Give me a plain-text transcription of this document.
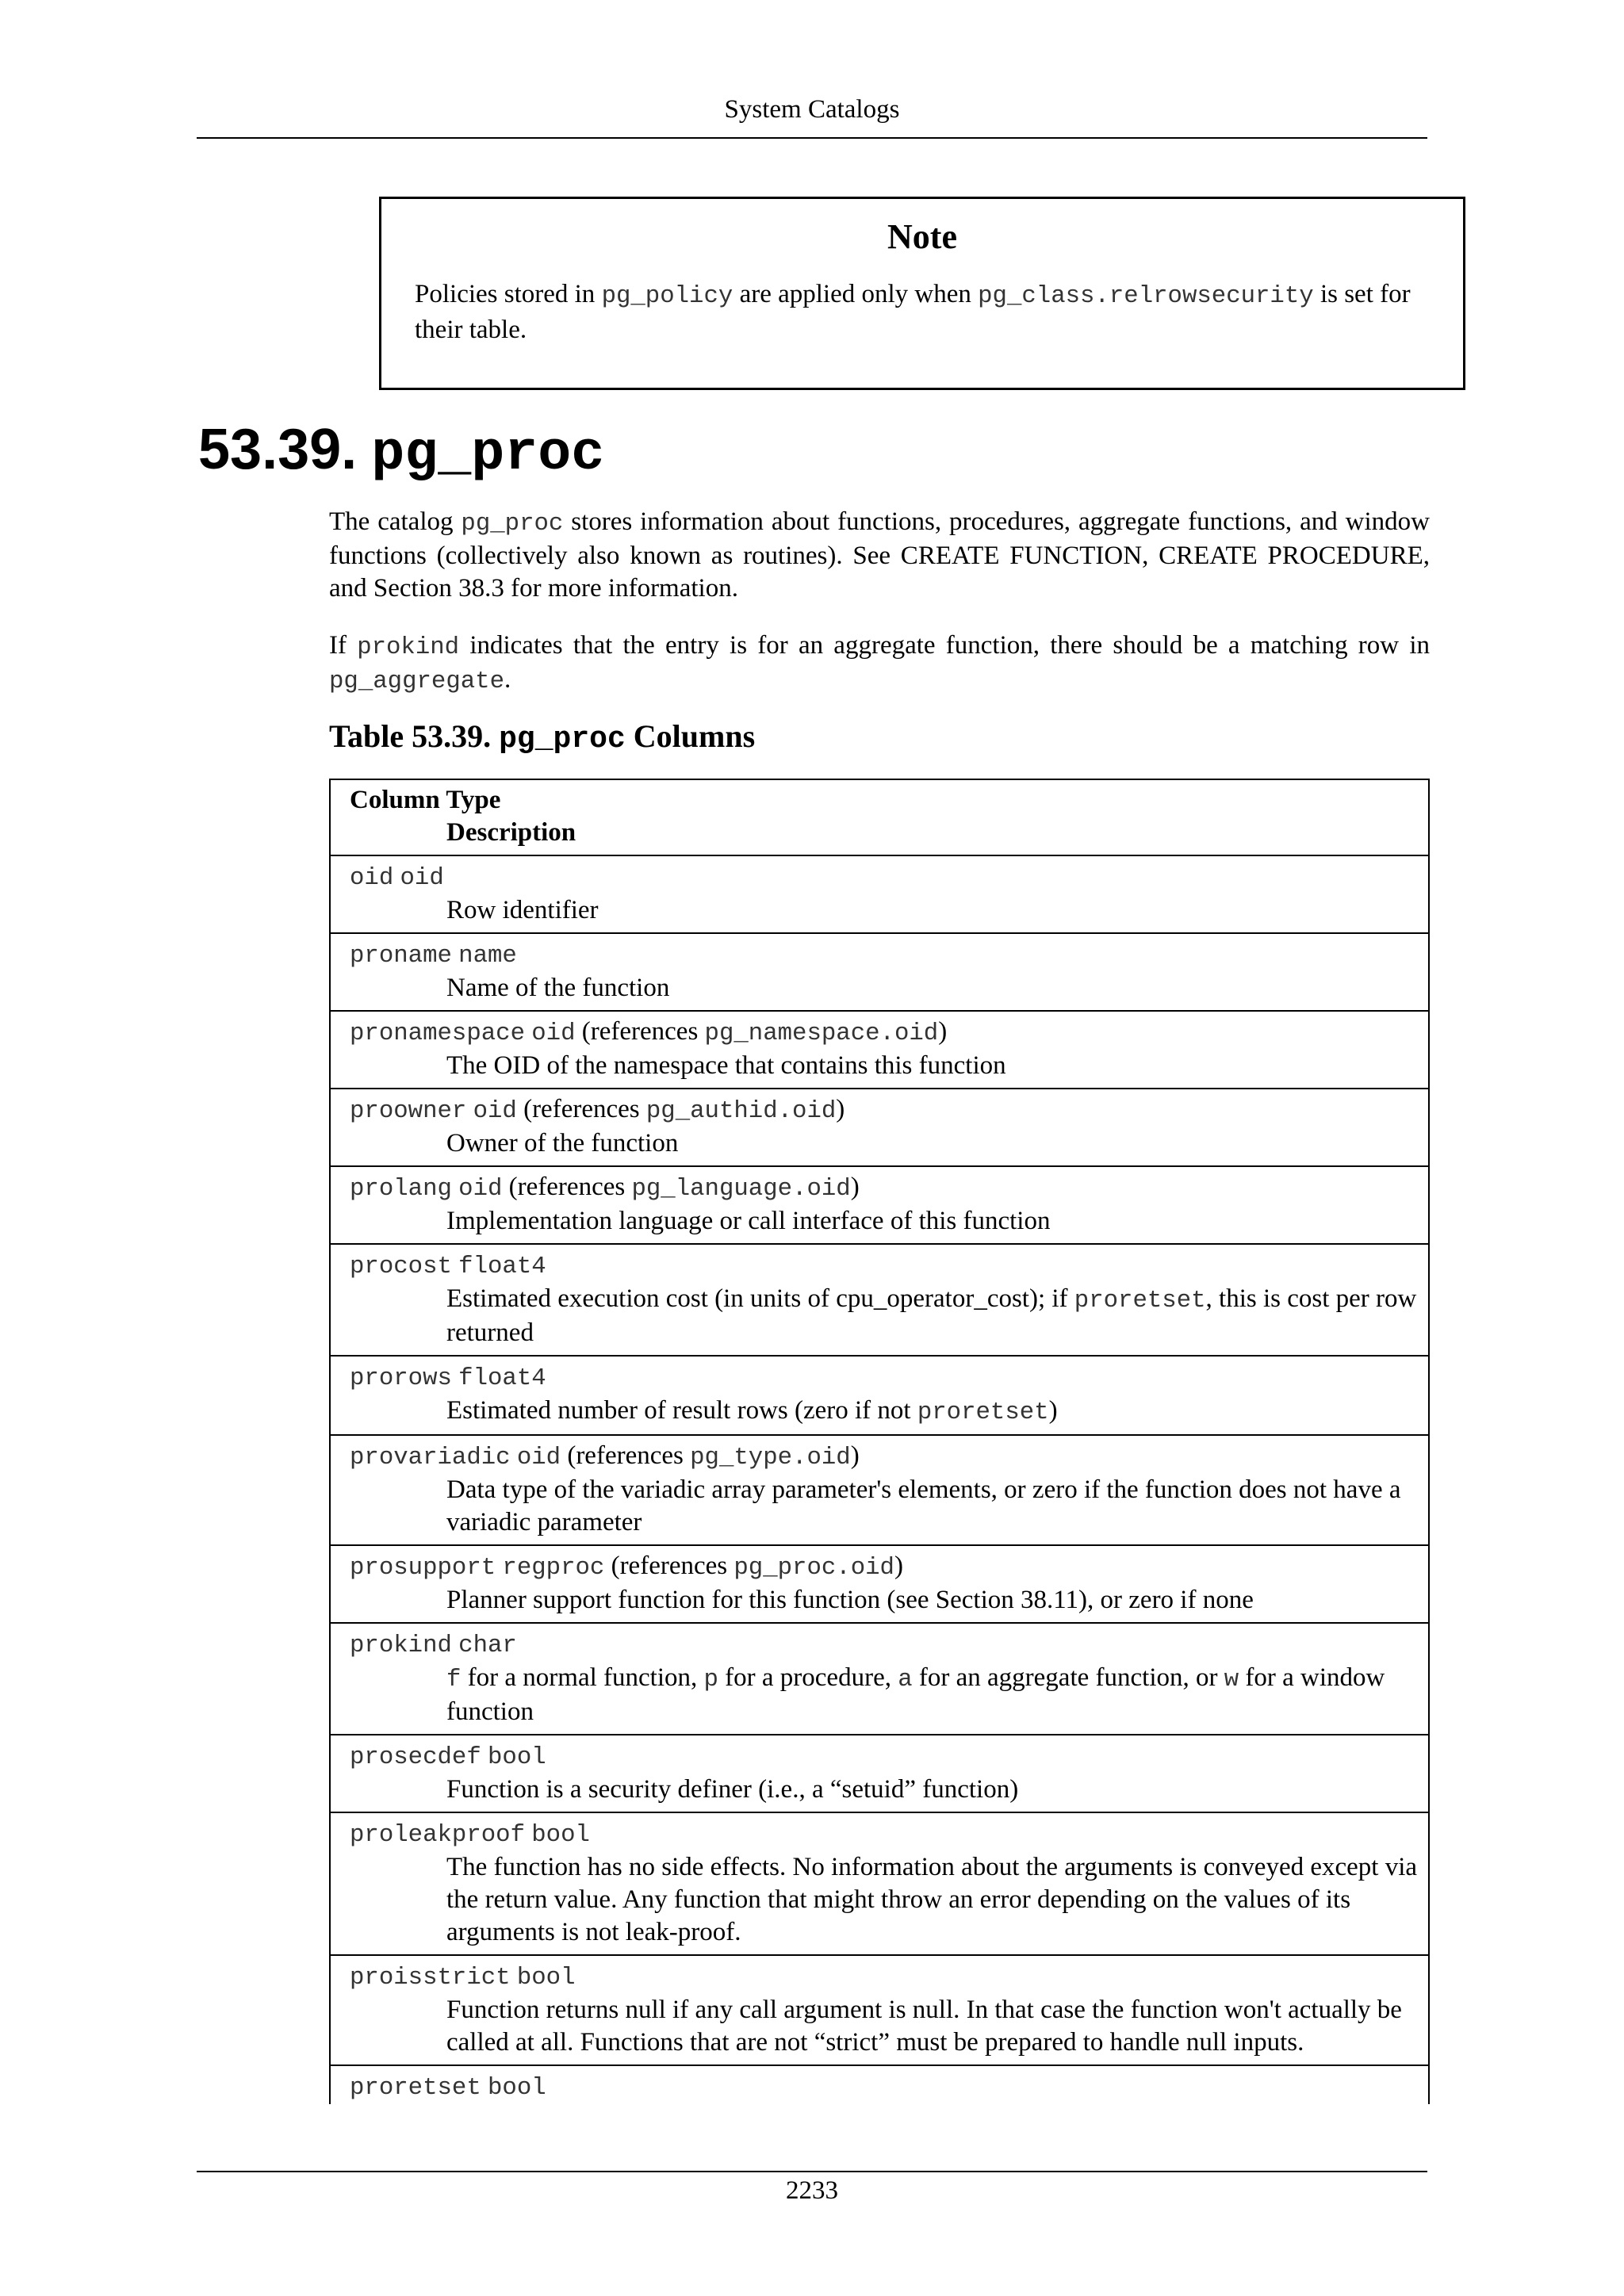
System Catalogs
Note
Policies stored in pg_policy are applied only when pg_class.relrowsecurity is set for their table.
53.39. pg_proc

The catalog pg_proc stores information about functions, procedures, aggregate functions, and window functions (collectively also known as routines). See CREATE FUNCTION, CREATE PROCEDURE, and Section 38.3 for more information.

If prokind indicates that the entry is for an aggregate function, there should be a matching row in pg_aggregate.

Table 53.39. pg_proc Columns
Column Type
Description
oid oid
Row identifier
proname name
Name of the function
pronamespace oid (references pg_namespace.oid)
The OID of the namespace that contains this function
proowner oid (references pg_authid.oid)
Owner of the function
prolang oid (references pg_language.oid)
Implementation language or call interface of this function
procost float4
Estimated execution cost (in units of cpu_operator_cost); if proretset, this is cost per row returned
prorows float4
Estimated number of result rows (zero if not proretset)
provariadic oid (references pg_type.oid)
Data type of the variadic array parameter's elements, or zero if the function does not have a variadic parameter
prosupport regproc (references pg_proc.oid)
Planner support function for this function (see Section 38.11), or zero if none
prokind char
f for a normal function, p for a procedure, a for an aggregate function, or w for a window function
prosecdef bool
Function is a security definer (i.e., a “setuid” function)
proleakproof bool
The function has no side effects. No information about the arguments is conveyed except via the return value. Any function that might throw an error depending on the values of its arguments is not leak-proof.
proisstrict bool
Function returns null if any call argument is null. In that case the function won't actually be called at all. Functions that are not “strict” must be prepared to handle null inputs.
proretset bool
2233
